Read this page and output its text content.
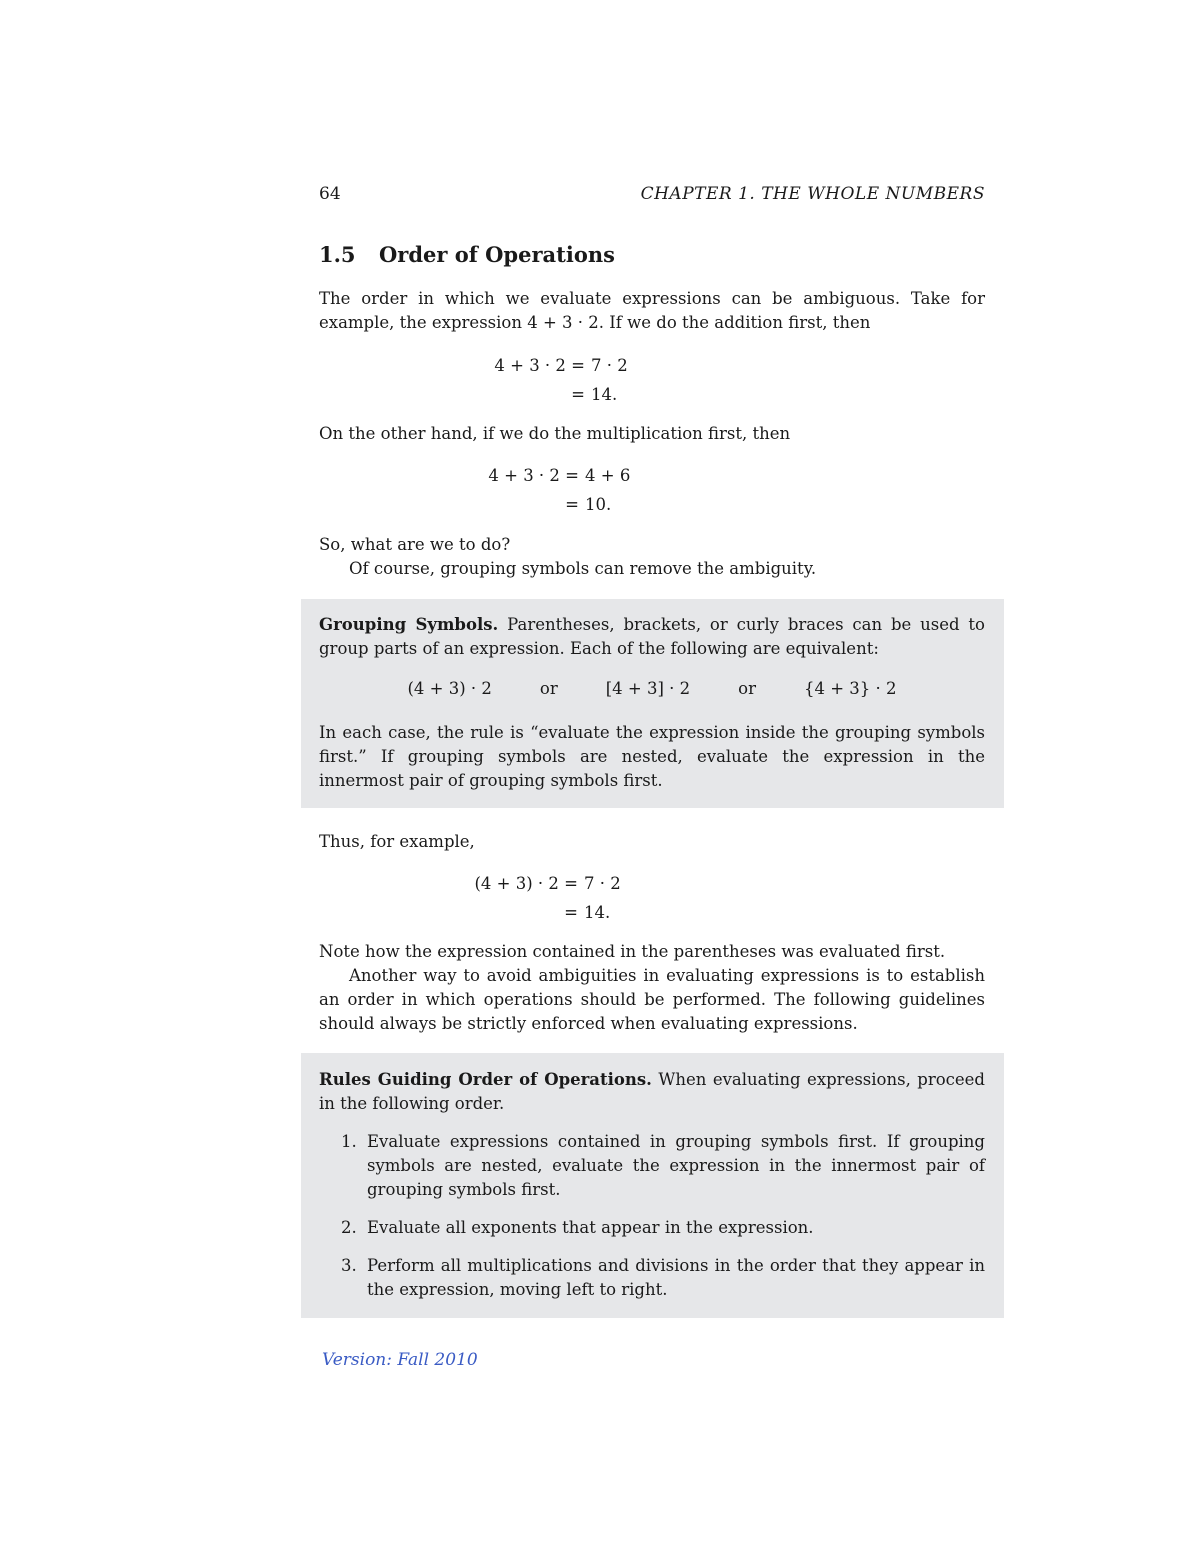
64	CHAPTER 1. THE WHOLE NUMBERS
1.5 Order of Operations

The order in which we evaluate expressions can be ambiguous. Take for example, the expression 4 + 3 · 2. If we do the addition first, then

4 + 3 · 2 = 7 · 2
= 14.

On the other hand, if we do the multiplication first, then

4 + 3 · 2 = 4 + 6
= 10.

So, what are we to do?

Of course, grouping symbols can remove the ambiguity.

Thus, for example,

(4 + 3) · 2 = 7 · 2
= 14.

Note how the expression contained in the parentheses was evaluated first.

Another way to avoid ambiguities in evaluating expressions is to establish an order in which operations should be performed. The following guidelines should always be strictly enforced when evaluating expressions.

Grouping Symbols. Parentheses, brackets, or curly braces can be used to group parts of an expression. Each of the following are equivalent:

(4 + 3) · 2	or	[4 + 3] · 2	or	{4 + 3} · 2

In each case, the rule is “evaluate the expression inside the grouping symbols first.” If grouping symbols are nested, evaluate the expression in the innermost pair of grouping symbols first.

Rules Guiding Order of Operations. When evaluating expressions, proceed in the following order.

1. Evaluate expressions contained in grouping symbols first. If grouping symbols are nested, evaluate the expression in the innermost pair of grouping symbols first.
2. Evaluate all exponents that appear in the expression.
3. Perform all multiplications and divisions in the order that they appear in the expression, moving left to right.
Version: Fall 2010
